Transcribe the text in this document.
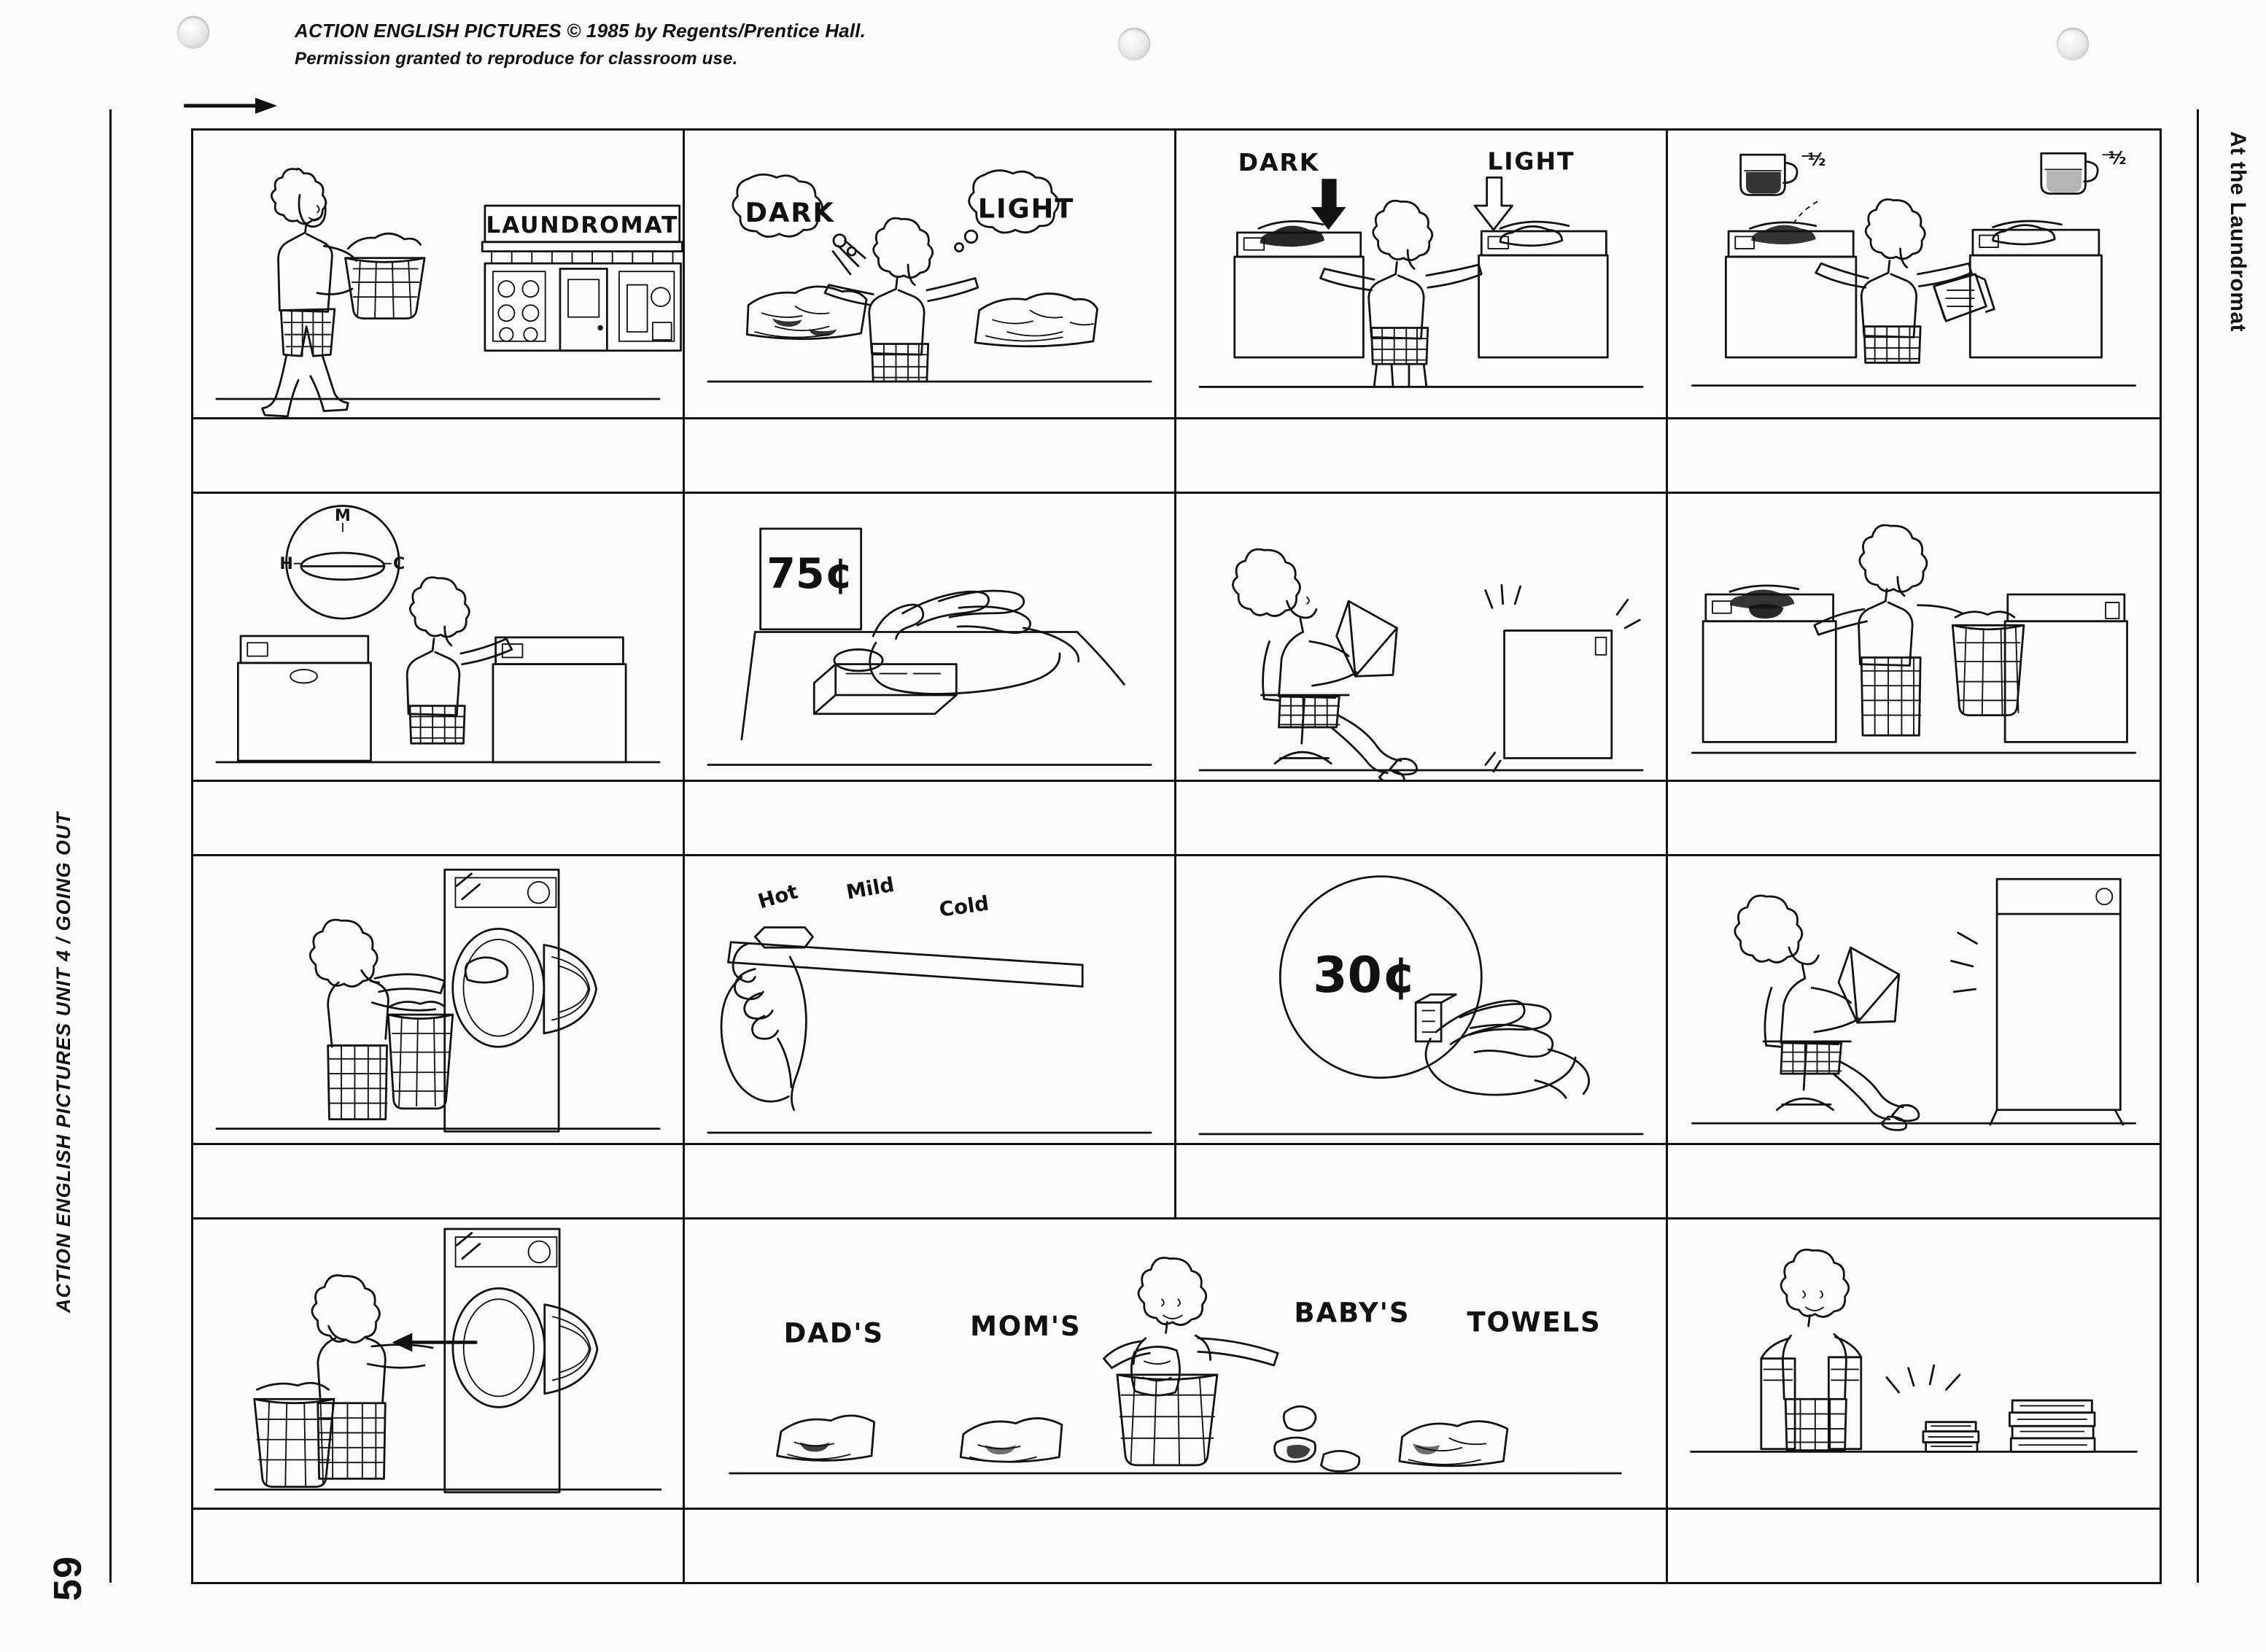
ACTION ENGLISH PICTURES © 1985 by Regents/Prentice Hall.
Permission granted to reproduce for classroom use.
At the Laundromat
ACTION ENGLISH PICTURES UNIT 4 / GOING OUT
59
LAUNDROMAT DARK	LIGHT
DARK	LIGHT	½	½
M
H	C	75¢
Hot Mild
Cold
30¢
DAD'S	MOM'S	BABY'S TOWELS
